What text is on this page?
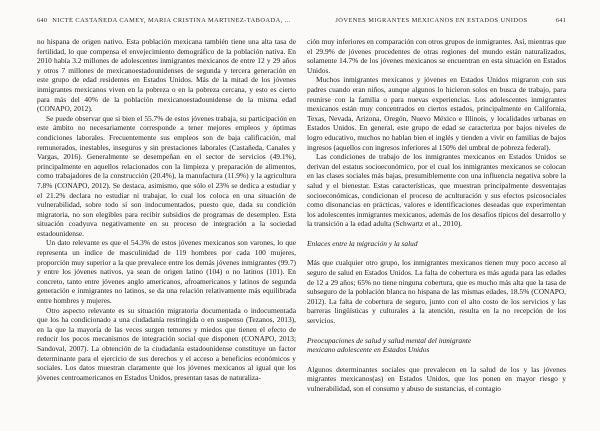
640 NICTÉ CASTAÑEDA CAMEY, MARIA CRISTINA MARTINEZ-TABOADA, ...

no hispana de origen nativo. Esta población mexicana también tiene una alta tasa de fertilidad, lo que compensa el envejecimiento demográfico de la población nativa. En 2010 había 3.2 millones de adolescentes inmigrantes mexicanos de entre 12 y 29 años y otros 7 millones de mexicanoestadounidenses de segunda y tercera generación en este grupo de edad residentes en Estados Unidos. Más de la mitad de los jóvenes inmigrantes mexicanos viven en la pobreza o en la pobreza cercana, y esto es cierto para más del 40% de la población mexicanoestadounidense de la misma edad (CONAPO, 2012).

Se puede observar que si bien el 55.7% de estos jóvenes trabaja, su participación en este ámbito no necesariamente corresponde a tener mejores empleos y óptimas condiciones laborales. Frecuentemente sus empleos son de baja calificación, mal remunerados, inestables, inseguros y sin prestaciones laborales (Castañeda, Canales y Vargas, 2016). Generalmente se desempeñan en el sector de servicios (49.1%), principalmente en aquellos relacionados con la limpieza y preparación de alimentos, como trabajadores de la construcción (20.4%), la manufactura (11.9%) y la agricultura 7.8% (CONAPO, 2012). Se destaca, asimismo, que sólo el 23% se dedica a estudiar y el 21.2% declara no estudiar ni trabajar, lo cual los coloca en una situación de vulnerabilidad, sobre todo si son indocumentados, puesto que, dada su condición migratoria, no son elegibles para recibir subsidios de programas de desempleo. Esta situación coadyuva negativamente en su proceso de integración a la sociedad estadounidense.

Un dato relevante es que el 54.3% de estos jóvenes mexicanos son varones, lo que representa un índice de masculinidad de 119 hombres por cada 100 mujeres, proporción muy superior a la que prevalece entre los demás jóvenes inmigrantes (99.7) y entre los jóvenes nativos, ya sean de origen latino (104) o no latinos (101). En concreto, tanto entre jóvenes anglo americanos, afroamericanos y latinos de segunda generación e inmigrantes no latinos, se da una relación relativamente más equilibrada entre hombres y mujeres.

Otro aspecto relevante es su situación migratoria documentada o indocumentada que los ha condicionado a una ciudadanía restringida o en suspenso (Tezanos, 2013), en la que la mayoría de las veces surgen temores y miedos que tienen el efecto de reducir los pocos mecanismos de integración social que disponen (CONAPO, 2013; Sandoval, 2007). La obtención de la ciudadanía estadounidense constituye un factor determinante para el ejercicio de sus derechos y el acceso a beneficios económicos y sociales. Los datos muestran claramente que los jóvenes mexicanos al igual que los jóvenes centroamericanos en Estados Unidos, presentan tasas de naturaliza-

JÓVENES MIGRANTES MEXICANOS EN ESTADOS UNIDOS	641

ción muy inferiores en comparación con otros grupos de inmigrantes. Así, mientras que el 29.9% de jóvenes procedentes de otras regiones del mundo están naturalizados, solamente 14.7% de los jóvenes mexicanos se encuentran en esta situación en Estados Unidos.

Muchos inmigrantes mexicanos y jóvenes en Estados Unidos migraron con sus padres cuando eran niños, aunque algunos lo hicieron solos en busca de trabajo, para reunirse con la familia o para nuevas experiencias. Los adolescentes inmigrantes mexicanos están muy concentrados en ciertos estados, principalmente en California, Texas, Nevada, Arizona, Oregón, Nuevo México e Illinois, y localidades urbanas en Estados Unidos. En general, este grupo de edad se caracteriza por bajos niveles de logro educativo, muchos no hablan bien el inglés y tienden a vivir en familias de bajos ingresos (aquellos con ingresos inferiores al 150% del umbral de pobreza federal).

Las condiciones de trabajo de los inmigrantes mexicanos en Estados Unidos se derivan del estatus socioeconómico, por el cual los inmigrantes mexicanos se colocan en las clases sociales más bajas, presumiblemente con una influencia negativa sobre la salud y el bienestar. Estas características, que muestran principalmente desventajas socioeconómicas, condicionan el proceso de aculturación y sus efectos psicosociales como disonancias en prácticas, valores e identificaciones deseadas que experimentan los adolescentes inmigrantes mexicanos, además de los desafíos típicos del desarrollo y la transición a la edad adulta (Schwartz et al., 2010).

Enlaces entre la migración y la salud

Más que cualquier otro grupo, los inmigrantes mexicanos tienen muy poco acceso al seguro de salud en Estados Unidos. La falta de cobertura es más aguda para las edades de 12 a 29 años; 65% no tiene ninguna cobertura, que es mucho más alta que la tasa de subseguro de la población blanca no hispana de las mismas edades, 18.5% (CONAPO, 2012). La falta de cobertura de seguro, junto con el alto costo de los servicios y las barreras lingüísticas y culturales a la atención, resulta en la no recepción de los servicios.

Preocupaciones de salud y salud mental del inmigrante
mexicano adolescente en Estados Unidos

Algunos determinantes sociales que prevalecen en la salud de los y las jóvenes migrantes mexicanos(as) en Estados Unidos, que los ponen en mayor riesgo y vulnerabilidad, son el consumo y abuso de sustancias, el contagio
